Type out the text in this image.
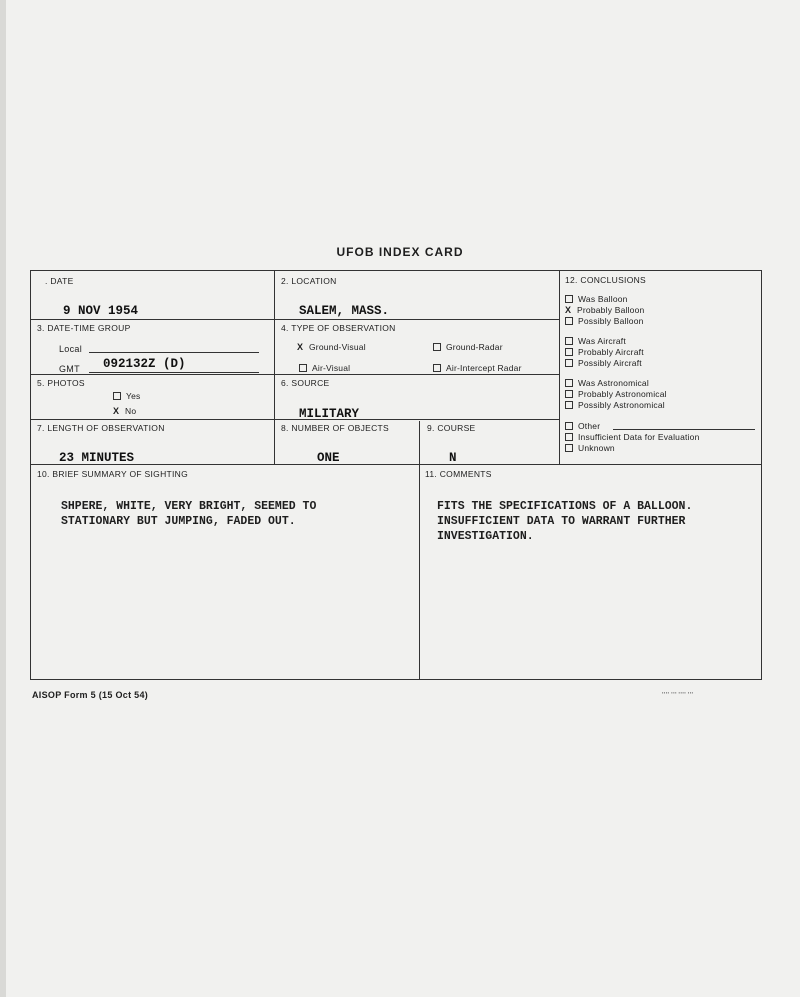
UFOB INDEX CARD
. DATE
9 NOV 1954
2. LOCATION
SALEM, MASS.
3. DATE-TIME GROUP
Local
GMT 092132Z (D)
4. TYPE OF OBSERVATION
X Ground-Visual	Ground-Radar
Air-Visual	Air-Intercept Radar
5. PHOTOS
Yes
X No
6. SOURCE
MILITARY
7. LENGTH OF OBSERVATION
23 MINUTES
8. NUMBER OF OBJECTS
ONE
9. COURSE
N
10. BRIEF SUMMARY OF SIGHTING
SHPERE, WHITE, VERY BRIGHT, SEEMED TO
STATIONARY BUT JUMPING, FADED OUT.
11. COMMENTS
FITS THE SPECIFICATIONS OF A BALLOON.
INSUFFICIENT DATA TO WARRANT FURTHER
INVESTIGATION.
12. CONCLUSIONS
Was Balloon
X Probably Balloon
Possibly Balloon
Was Aircraft
Probably Aircraft
Possibly Aircraft
Was Astronomical
Probably Astronomical
Possibly Astronomical
Other
Insufficient Data for Evaluation
Unknown
AISOP Form 5 (15 Oct 54)	▪▪▪▪ ▪▪▪ ▪▪▪▪ ▪▪▪
